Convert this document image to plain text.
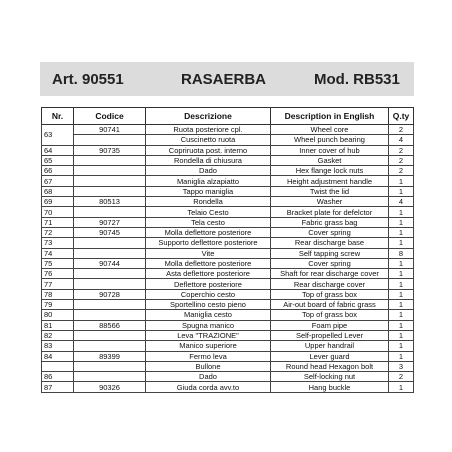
Art. 90551	RASAERBA	Mod. RB531
Nr.	Codice	Descrizione	Description in English	Q.ty
63	90741	Ruota posteriore cpl.	Wheel core	2
		Cuscinetto ruota	Wheel punch bearing	4
64	90735	Copriruota post. interno	Inner cover of hub	2
65		Rondella di chiusura	Gasket	2
66		Dado	Hex flange lock nuts	2
67		Maniglia alzapiatto	Height adjustment handle	1
68		Tappo maniglia	Twist the lid	1
69	80513	Rondella	Washer	4
70		Telaio Cesto	Bracket plate for defelctor	1
71	90727	Tela cesto	Fabric grass bag	1
72	90745	Molla deflettore posteriore	Cover spring	1
73		Supporto deflettore posteriore	Rear discharge base	1
74		Vite	Self tapping screw	8
75	90744	Molla deflettore posteriore	Cover spring	1
76		Asta deflettore posteriore	Shaft for rear discharge cover	1
77		Deflettore posteriore	Rear discharge cover	1
78	90728	Coperchio cesto	Top of grass box	1
79		Sportellino cesto pieno	Air-out board of fabric grass	1
80		Maniglia cesto	Top of grass box	1
81	88566	Spugna manico	Foam pipe	1
82		Leva "TRAZIONE"	Self-propelled Lever	1
83		Manico superiore	Upper handrail	1
84	89399	Fermo leva	Lever guard	1
		Bullone	Round head Hexagon bolt	3
86		Dado	Self-locking nut	2
87	90326	Giuda corda avv.to	Hang buckle	1
